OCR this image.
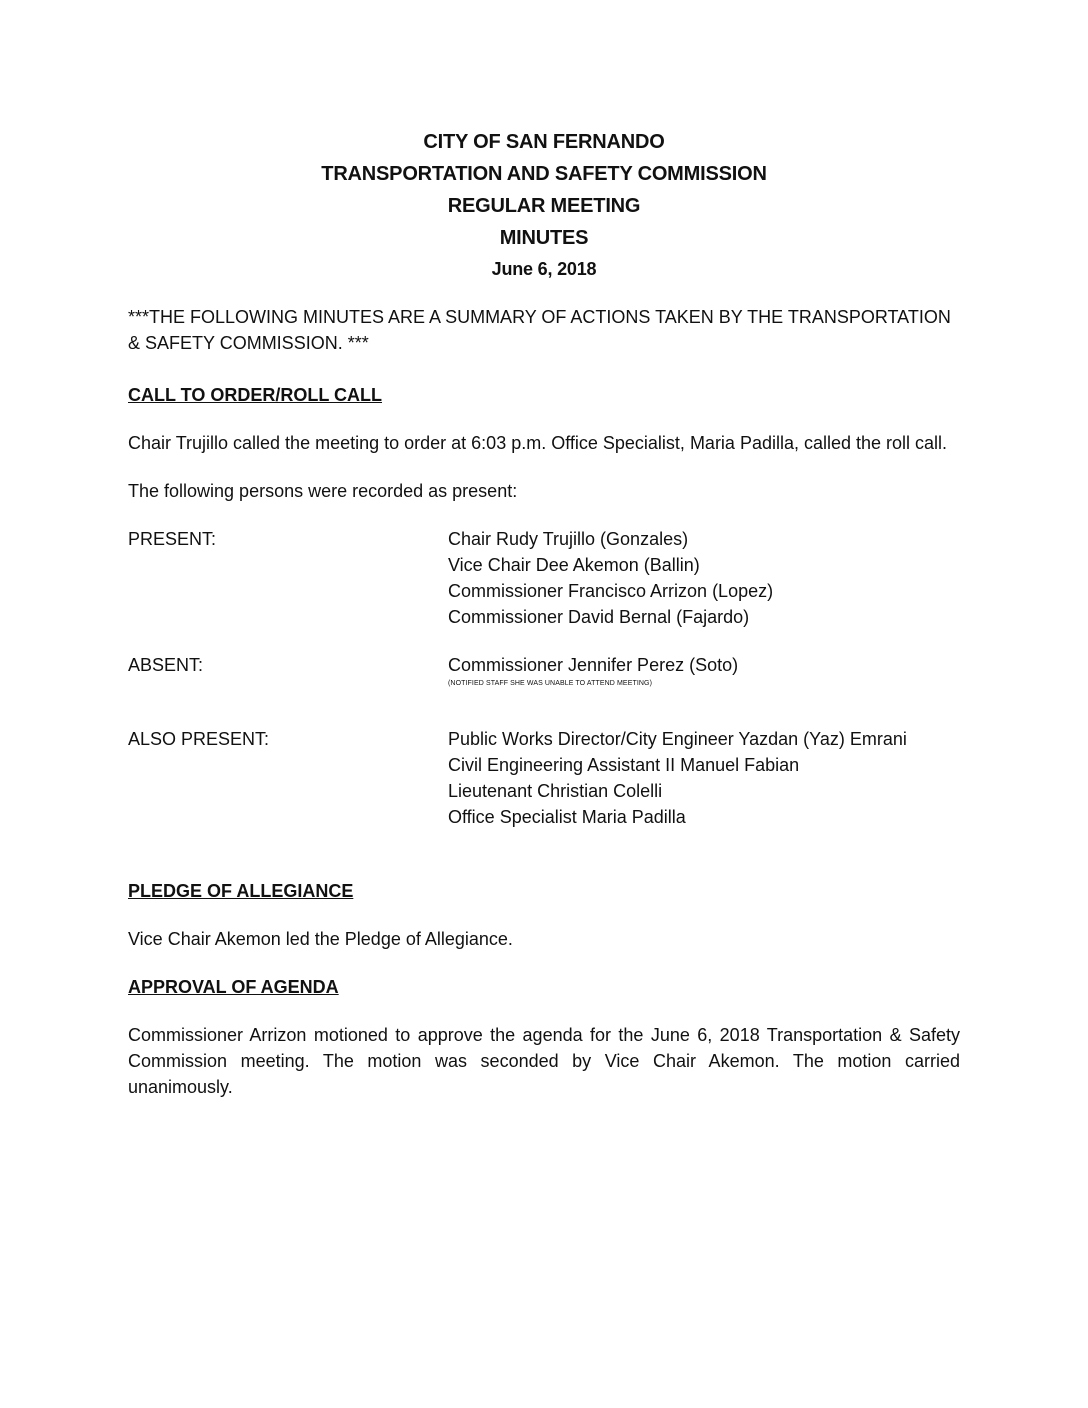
CITY OF SAN FERNANDO
TRANSPORTATION AND SAFETY COMMISSION
REGULAR MEETING
MINUTES
June 6, 2018
***THE FOLLOWING MINUTES ARE A SUMMARY OF ACTIONS TAKEN BY THE TRANSPORTATION & SAFETY COMMISSION. ***
CALL TO ORDER/ROLL CALL
Chair Trujillo called the meeting to order at 6:03 p.m. Office Specialist, Maria Padilla, called the roll call.
The following persons were recorded as present:
PRESENT:	Chair Rudy Trujillo (Gonzales)
Vice Chair Dee Akemon (Ballin)
Commissioner Francisco Arrizon (Lopez)
Commissioner David Bernal (Fajardo)
ABSENT:	Commissioner Jennifer Perez (Soto)
(NOTIFIED STAFF SHE WAS UNABLE TO ATTEND MEETING)
ALSO PRESENT:	Public Works Director/City Engineer Yazdan (Yaz) Emrani
Civil Engineering Assistant II Manuel Fabian
Lieutenant Christian Colelli
Office Specialist Maria Padilla
PLEDGE OF ALLEGIANCE
Vice Chair Akemon led the Pledge of Allegiance.
APPROVAL OF AGENDA
Commissioner Arrizon motioned to approve the agenda for the June 6, 2018 Transportation & Safety Commission meeting. The motion was seconded by Vice Chair Akemon. The motion carried unanimously.
